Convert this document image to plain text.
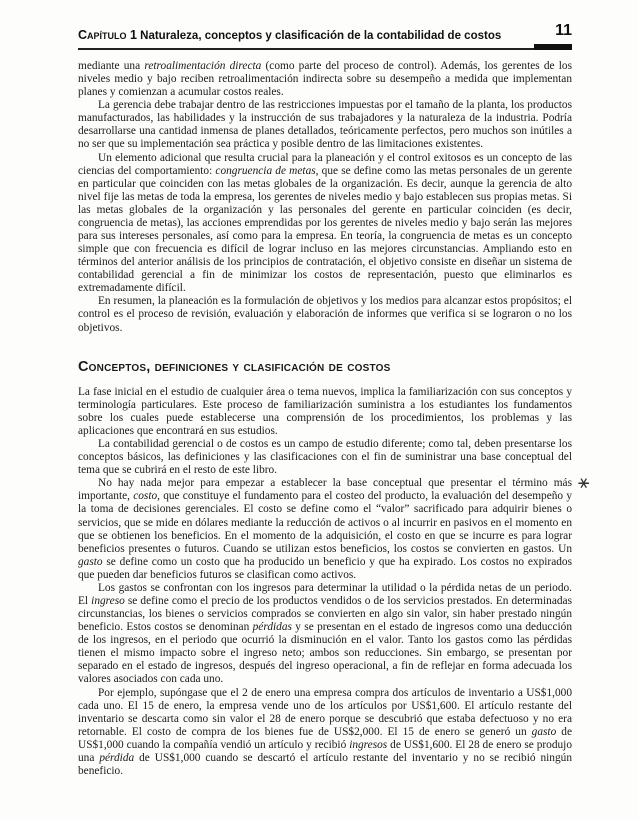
Capítulo 1 Naturaleza, conceptos y clasificación de la contabilidad de costos	11

mediante una retroalimentación directa (como parte del proceso de control). Además, los gerentes de los niveles medio y bajo reciben retroalimentación indirecta sobre su desempeño a medida que implementan planes y comienzan a acumular costos reales.

La gerencia debe trabajar dentro de las restricciones impuestas por el tamaño de la planta, los productos manufacturados, las habilidades y la instrucción de sus trabajadores y la naturaleza de la industria. Podría desarrollarse una cantidad inmensa de planes detallados, teóricamente perfectos, pero muchos son inútiles a no ser que su implementación sea práctica y posible dentro de las limitaciones existentes.

Un elemento adicional que resulta crucial para la planeación y el control exitosos es un concepto de las ciencias del comportamiento: congruencia de metas, que se define como las metas personales de un gerente en particular que coinciden con las metas globales de la organización. Es decir, aunque la gerencia de alto nivel fije las metas de toda la empresa, los gerentes de niveles medio y bajo establecen sus propias metas. Si las metas globales de la organización y las personales del gerente en particular coinciden (es decir, congruencia de metas), las acciones emprendidas por los gerentes de niveles medio y bajo serán las mejores para sus intereses personales, así como para la empresa. En teoría, la congruencia de metas es un concepto simple que con frecuencia es difícil de lograr incluso en las mejores circunstancias. Ampliando esto en términos del anterior análisis de los principios de contratación, el objetivo consiste en diseñar un sistema de contabilidad gerencial a fin de minimizar los costos de representación, puesto que eliminarlos es extremadamente difícil.

En resumen, la planeación es la formulación de objetivos y los medios para alcanzar estos propósitos; el control es el proceso de revisión, evaluación y elaboración de informes que verifica si se lograron o no los objetivos.

Conceptos, definiciones y clasificación de costos

La fase inicial en el estudio de cualquier área o tema nuevos, implica la familiarización con sus conceptos y terminología particulares. Este proceso de familiarización suministra a los estudiantes los fundamentos sobre los cuales puede establecerse una comprensión de los procedimientos, los problemas y las aplicaciones que encontrará en sus estudios.

La contabilidad gerencial o de costos es un campo de estudio diferente; como tal, deben presentarse los conceptos básicos, las definiciones y las clasificaciones con el fin de suministrar una base conceptual del tema que se cubrirá en el resto de este libro.

No hay nada mejor para empezar a establecer la base conceptual que presentar el término más importante, costo, que constituye el fundamento para el costeo del producto, la evaluación del desempeño y la toma de decisiones gerenciales. El costo se define como el “valor” sacrificado para adquirir bienes o servicios, que se mide en dólares mediante la reducción de activos o al incurrir en pasivos en el momento en que se obtienen los beneficios. En el momento de la adquisición, el costo en que se incurre es para lograr beneficios presentes o futuros. Cuando se utilizan estos beneficios, los costos se convierten en gastos. Un gasto se define como un costo que ha producido un beneficio y que ha expirado. Los costos no expirados que pueden dar beneficios futuros se clasifican como activos.

Los gastos se confrontan con los ingresos para determinar la utilidad o la pérdida netas de un periodo. El ingreso se define como el precio de los productos vendidos o de los servicios prestados. En determinadas circunstancias, los bienes o servicios comprados se convierten en algo sin valor, sin haber prestado ningún beneficio. Estos costos se denominan pérdidas y se presentan en el estado de ingresos como una deducción de los ingresos, en el periodo que ocurrió la disminución en el valor. Tanto los gastos como las pérdidas tienen el mismo impacto sobre el ingreso neto; ambos son reducciones. Sin embargo, se presentan por separado en el estado de ingresos, después del ingreso operacional, a fin de reflejar en forma adecuada los valores asociados con cada uno.

Por ejemplo, supóngase que el 2 de enero una empresa compra dos artículos de inventario a US$1,000 cada uno. El 15 de enero, la empresa vende uno de los artículos por US$1,600. El artículo restante del inventario se descarta como sin valor el 28 de enero porque se descubrió que estaba defectuoso y no era retornable. El costo de compra de los bienes fue de US$2,000. El 15 de enero se generó un gasto de US$1,000 cuando la compañía vendió un artículo y recibió ingresos de US$1,600. El 28 de enero se produjo una pérdida de US$1,000 cuando se descartó el artículo restante del inventario y no se recibió ningún beneficio.

⚹
